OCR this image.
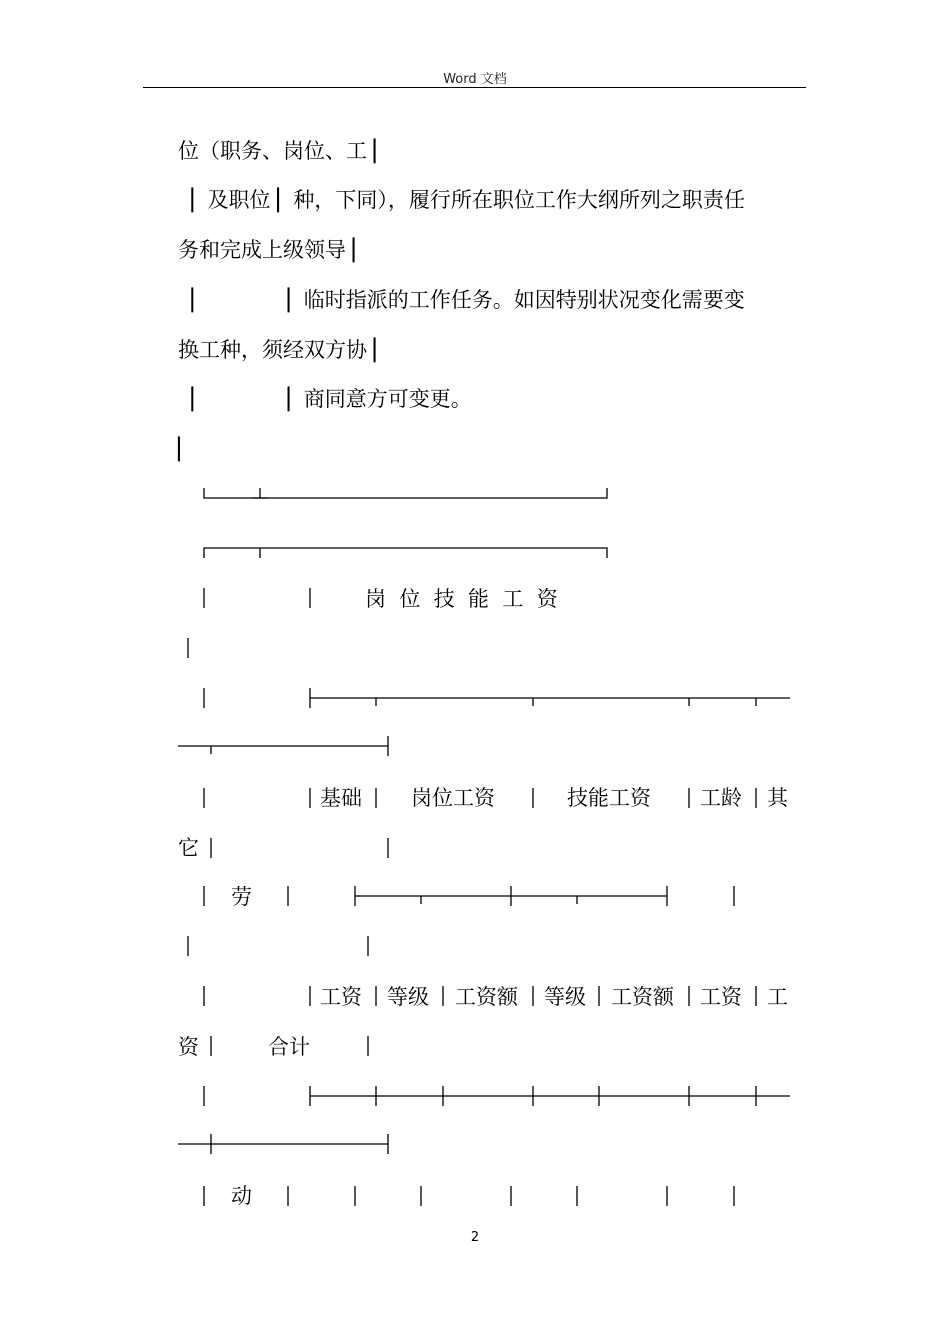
Word 文档
位（职务、岗位、工 ▏
▏及职位 ▏种，下同），履行所在职位工作大纲所列之职责任
务和完成上级领导 ▏
▏            ▏临时指派的工作任务。如因特别状况变化需要变
换工种，须经双方协 ▏
▏            ▏商同意方可变更。
▏
岗  位  技  能  工  资
基础 岗位工资	技能工资 工龄 其
它
劳
工资 等级 工资额 等级 工资额 工资 工
资	合计
动
2
